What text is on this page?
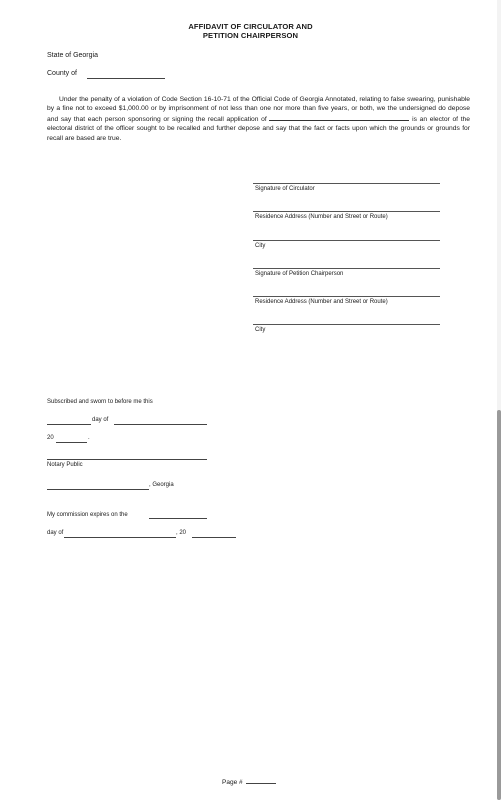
AFFIDAVIT OF CIRCULATOR AND
PETITION CHAIRPERSON
State of Georgia
County of
Under the penalty of a violation of Code Section 16-10-71 of the Official Code of Georgia Annotated, relating to false swearing, punishable by a fine not to exceed $1,000.00 or by imprisonment of not less than one nor more than five years, or both, we the undersigned do depose and say that each person sponsoring or signing the recall application of	is an elector of the electoral district of the officer sought to be recalled and further depose and say that the fact or facts upon which the grounds or grounds for recall are based are true.
Signature of Circulator
Residence Address (Number and Street or Route)
City
Signature of Petition Chairperson
Residence Address (Number and Street or Route)
City
Subscribed and sworn to before me this
day of
20	.
Notary Public
, Georgia
My commission expires on the
day of	, 20
Page #
